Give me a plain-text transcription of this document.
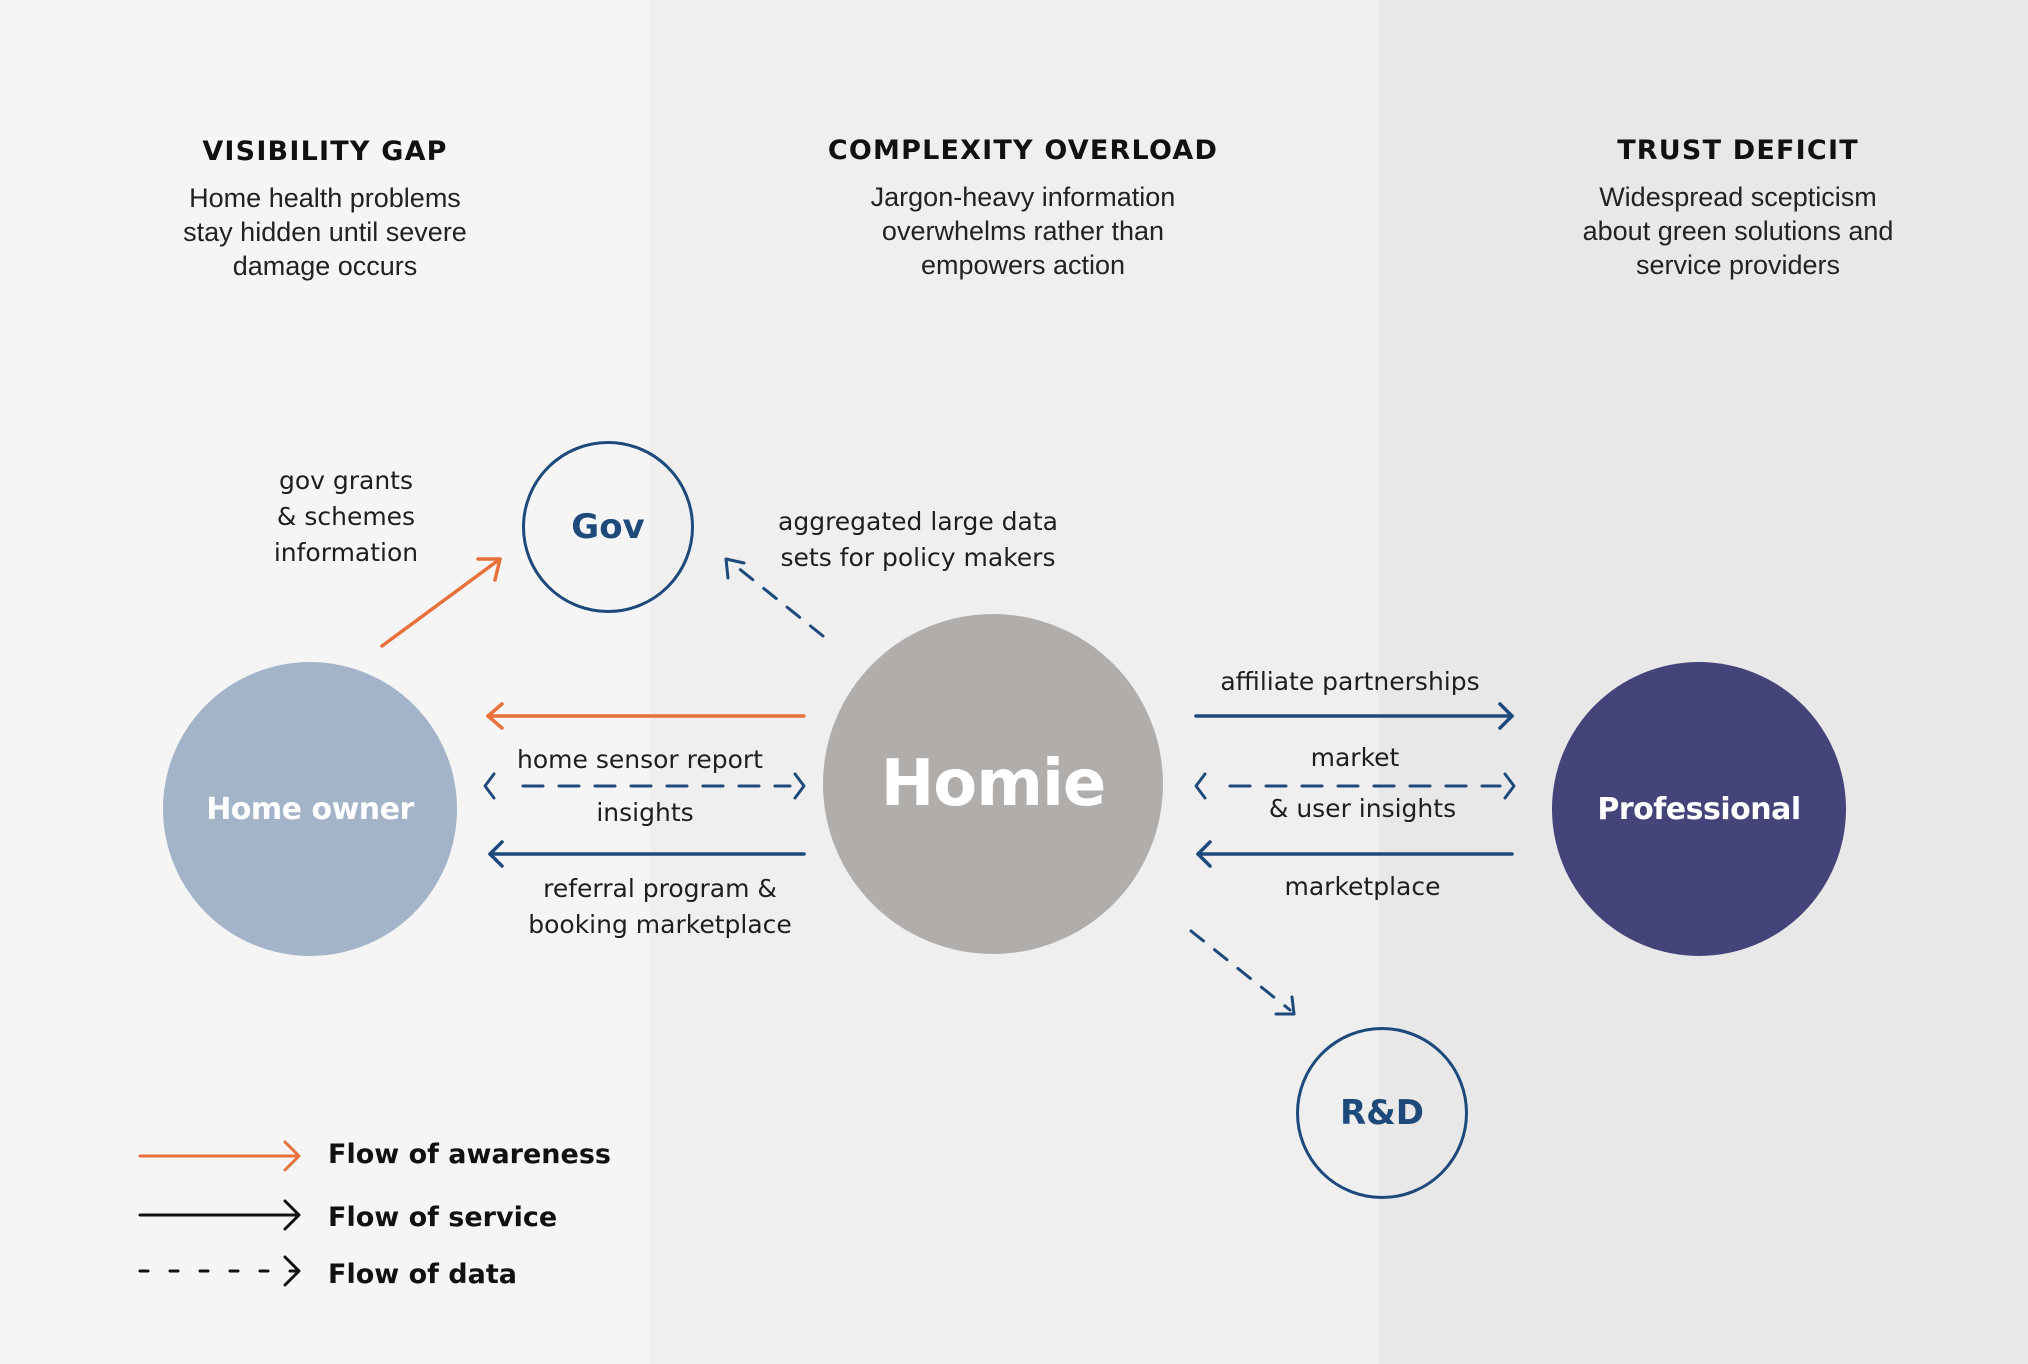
VISIBILITY GAP
Home health problems
stay hidden until severe
damage occurs
COMPLEXITY OVERLOAD
Jargon-heavy information
overwhelms rather than
empowers action
TRUST DEFICIT
Widespread scepticism
about green solutions and
service providers
Home owner	Homie	Professional
Gov
R&D
gov grants
& schemes
information
aggregated large data
sets for policy makers
home sensor report
insights
referral program &
booking marketplace
affiliate partnerships
market
& user insights
marketplace
Flow of awareness
Flow of service
Flow of data
